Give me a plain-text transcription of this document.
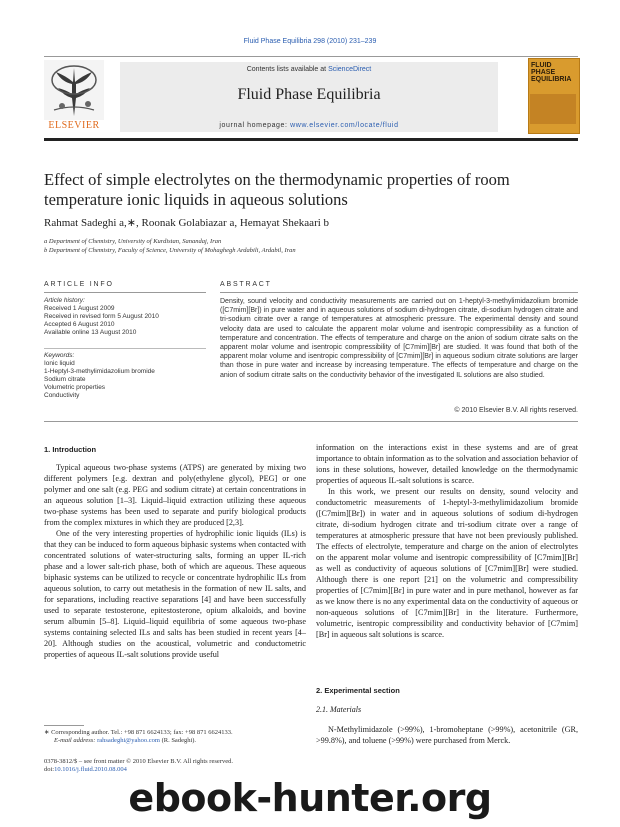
Fluid Phase Equilibria 298 (2010) 231–239
ELSEVIER
Contents lists available at ScienceDirect
Fluid Phase Equilibria
journal homepage: www.elsevier.com/locate/fluid
FLUID PHASE EQUILIBRIA
Effect of simple electrolytes on the thermodynamic properties of room temperature ionic liquids in aqueous solutions
Rahmat Sadeghi a,∗, Roonak Golabiazar a, Hemayat Shekaari b
a Department of Chemistry, University of Kurdistan, Sanandaj, Iran
b Department of Chemistry, Faculty of Science, University of Mohaghegh Ardabili, Ardabil, Iran
ARTICLE INFO	ABSTRACT
Article history:
Received 1 August 2009
Received in revised form 5 August 2010
Accepted 6 August 2010
Available online 13 August 2010
Keywords:
Ionic liquid
1-Heptyl-3-methylimidazolium bromide
Sodium citrate
Volumetric properties
Conductivity
Density, sound velocity and conductivity measurements are carried out on 1-heptyl-3-methylimidazolium bromide ([C7mim][Br]) in pure water and in aqueous solutions of sodium di-hydrogen citrate, di-sodium hydrogen citrate and tri-sodium citrate over a range of temperatures at atmospheric pressure. The experimental density and sound velocity data are used to calculate the apparent molar volume and isentropic compressibility as a function of temperature and concentration. The effects of temperature and charge on the anion of sodium citrate salts on the apparent molar volume and isentropic compressibility of [C7mim][Br] are studied. It was found that both of the apparent molar volume and isentropic compressibility of [C7mim][Br] in aqueous sodium citrate solutions are larger than those in pure water and increase by increasing temperature. The effects of temperature and charge on the anion of sodium citrate salts on the conductivity behavior of the investigated IL solutions are also studied.
© 2010 Elsevier B.V. All rights reserved.
1. Introduction

Typical aqueous two-phase systems (ATPS) are generated by mixing two different polymers [e.g. dextran and poly(ethylene glycol), PEG] or one polymer and one salt (e.g. PEG and sodium citrate) at certain concentrations in an aqueous solution [1–3]. Liquid–liquid extraction utilizing these aqueous two-phase systems has been used to separate and purify biological products from the complex mixtures in which they are produced [2,3].

One of the very interesting properties of hydrophilic ionic liquids (ILs) is that they can be induced to form aqueous biphasic systems when contacted with concentrated solutions of water-structuring salts, forming an upper IL-rich phase and a lower salt-rich phase, both of which are aqueous. These aqueous biphasic systems can be utilized to recycle or concentrate hydrophilic ILs from aqueous solution, to carry out metathesis in the formation of new IL salts, and for separations, including reactive separations [4] and have been successfully used to separate testosterone, epitestosterone, opium alkaloids, and bovine serum albumin [5–8]. Liquid–liquid equilibria of some aqueous two-phase systems containing selected ILs and salts has been studied in recent years [4–20]. Although studies on the acoustical, volumetric and conductometric properties of aqueous IL-salt solutions provide useful

information on the interactions exist in these systems and are of great importance to obtain information as to the solvation and association behavior of ions in these solutions, however, detailed knowledge on the thermodynamic properties of aqueous IL-salt solutions is scarce.

In this work, we present our results on density, sound velocity and conductometric measurements of 1-heptyl-3-methylimidazolium bromide ([C7mim][Br]) in water and in aqueous solutions of sodium di-hydrogen citrate, di-sodium hydrogen citrate and tri-sodium citrate over a range of temperatures at atmospheric pressure that have not been previously published. The effects of electrolyte, temperature and charge on the anion of electrolytes on the apparent molar volume and isentropic compressibility of [C7mim][Br] as well as conductivity of aqueous solutions of [C7mim][Br] were studied. Although there is one report [21] on the volumetric and compressibility properties of [C7mim][Br] in pure water and in pure methanol, however as far as we know there is no any experimental data on the conductivity of aqueous or non-aqueous solutions of [C7mim][Br] in the literature. Furthermore, volumetric, isentropic compressibility and conductivity behavior of [C7mim][Br] in aqueous salt solutions is scarce.

2. Experimental section
2.1. Materials

N-Methylimidazole (>99%), 1-bromoheptane (>99%), acetonitrile (GR, >99.8%), and toluene (>99%) were purchased from Merck.

∗ Corresponding author. Tel.: +98 871 6624133; fax: +98 871 6624133.
E-mail address: rahsadeghi@yahoo.com (R. Sadeghi).
0378-3812/$ – see front matter © 2010 Elsevier B.V. All rights reserved.
doi:10.1016/j.fluid.2010.08.004
ebook-hunter.org
